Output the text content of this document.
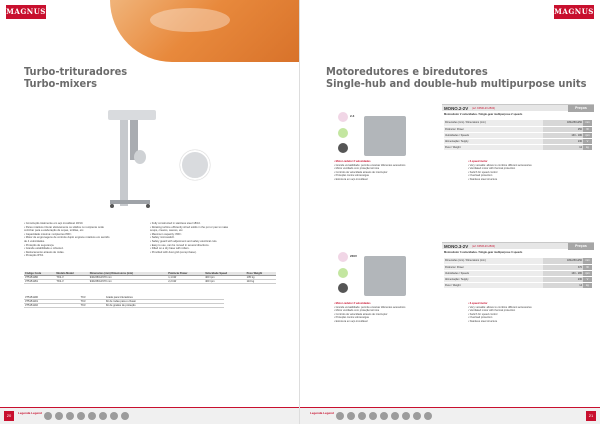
MAGNUS
Turbo-trituradores
Turbo-mixers

• Construção totalmente em aço inoxidável 18/10.

• Pares rotativos triturar efetivamente os sólidos no recipiente onde

cozinhar para a elaboração de sopas, tortillas, etc.

• Capacidade máxima: recipientes 800 l.

• Motor de engrenagens de controle duplo engrane rotativos em sentido

de 4 velocidades.

• Proteção de segurança.

• Grande estabilidade e robustez.

• Deslocamento através de rodas.

• Proteção IPX4.

• Fully constructed in stainless steel 18/10.

• Rotating turbine efficiently shred solids in the pot or pan to make

soups, creams, sauces, etc.

• Maximum capacity: 800 l.

• Safety microswitch.

• Safety guard with adjustment and safety electrical cuts.

• Easy to use, can be moved in several directions.

• Filled on a dry base with rollers.

• Provided with dust grid (except base).

Código Code	Modelo Model	Dimensões (mm) Dimensions (mm)	Potência Power	Velocidade Speed	Peso Weight
3T5151180	TK3-V	940x650x1570 mm	1,1 kW	400 rpm	105 kg
3T5151181	TK3-V	940x650x1570 mm	2,2 kW	400 rpm	110 kg
3T5151190	TK3	Grade para trituradores
3T5151191	TK3	Kit de rodas para o chassi
3T5151192	TK3	Kit de grades de proteção
20	Legenda Legend
MAGNUS
Motoredutores e biredutores
Single-hub and double-hub multipurpose units
MONO.2-2V (ref. KPM2-2V-2500)	Preços
Motoredutor 2 velocidades / Single-gear multipurpose 2 speeds
Dimensões (mm) / Dimensions (mm)	180x250x250	mm
Potência / Power	250	W
Velocidades / Speeds	130 - 180	rpm
Alimentação / Supply	230	V
Peso / Weight	12	kg
2-3
• Motor-redutor 2 velocidades
• Grande versatilidade: permite encaixar diferentes acessórios
• Motor ventilado com proteção térmica
• Controlo de velocidade através de interruptor
• Proteção contra sobrecargas
• Estrutura em aço inoxidável
• 2-speed motor
• Very versatile: allows to combine different accessories
• Ventilated motor with thermal protection
• Switch for speed control
• Overload protection
• Stainless steel structure
MONO.3-2V (ref. KPM3-2V-2500)	Preços
Motoredutor 3 velocidades / Single-gear multipurpose 3 speeds
Dimensões (mm) / Dimensions (mm)	180x250x250	mm
Potência / Power	370	W
Velocidades / Speeds	130 - 280	rpm
Alimentação / Supply	230	V
Peso / Weight	14	kg
230V
• Motor-redutor 3 velocidades
• Grande versatilidade: permite encaixar diferentes acessórios
• Motor ventilado com proteção térmica
• Controlo de velocidade através de interruptor
• Proteção contra sobrecargas
• Estrutura em aço inoxidável
• 3-speed motor
• Very versatile: allows to combine different accessories
• Ventilated motor with thermal protection
• Switch for speed control
• Overload protection
• Stainless steel structure
Legenda Legend	21
